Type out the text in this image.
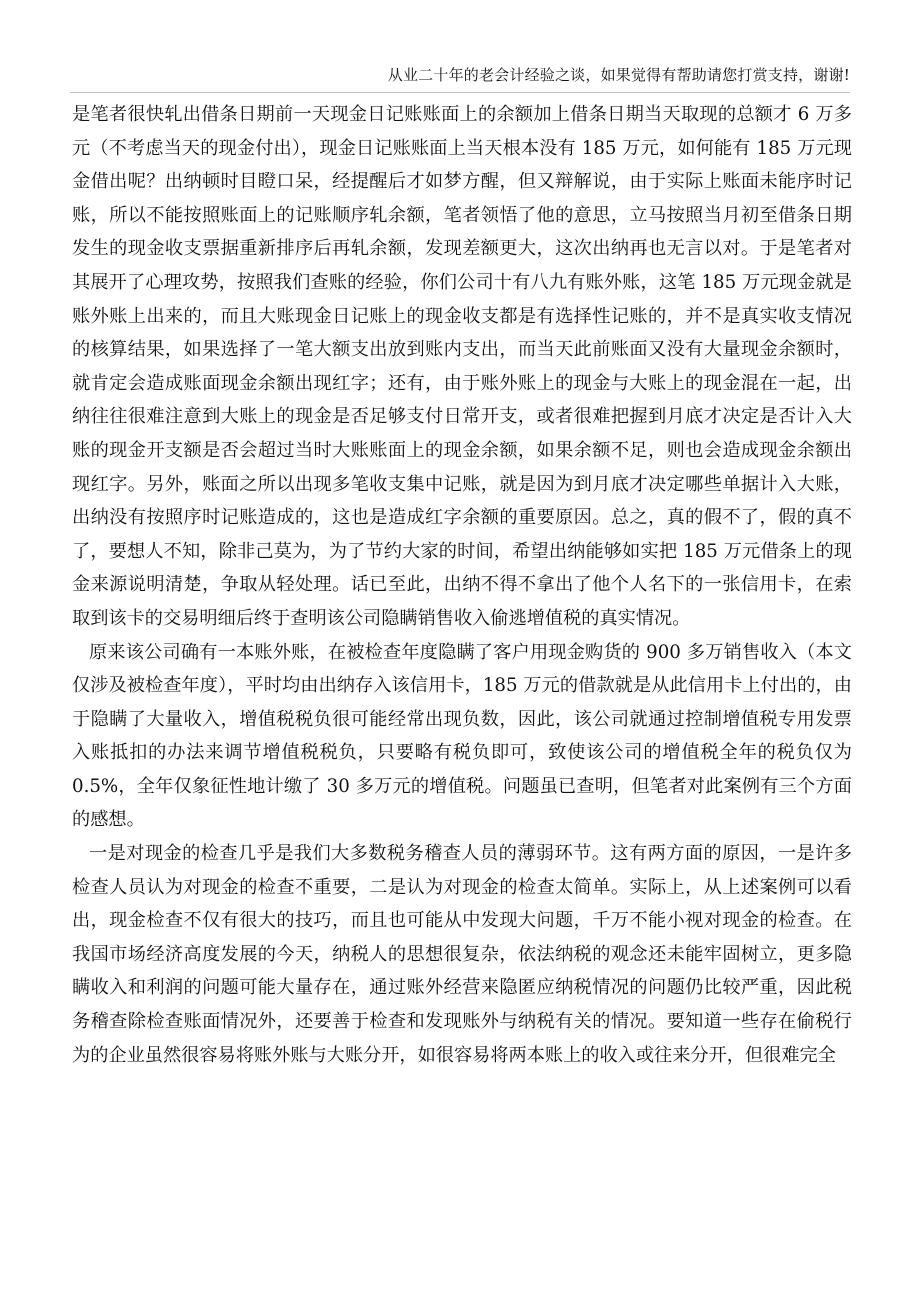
从业二十年的老会计经验之谈，如果觉得有帮助请您打赏支持，谢谢!

是笔者很快轧出借条日期前一天现金日记账账面上的余额加上借条日期当天取现的总额才 6 万多元（不考虑当天的现金付出），现金日记账账面上当天根本没有 185 万元，如何能有 185 万元现金借出呢？出纳顿时目瞪口呆，经提醒后才如梦方醒，但又辩解说，由于实际上账面未能序时记账，所以不能按照账面上的记账顺序轧余额，笔者领悟了他的意思，立马按照当月初至借条日期发生的现金收支票据重新排序后再轧余额，发现差额更大，这次出纳再也无言以对。于是笔者对其展开了心理攻势，按照我们查账的经验，你们公司十有八九有账外账，这笔 185 万元现金就是账外账上出来的，而且大账现金日记账上的现金收支都是有选择性记账的，并不是真实收支情况的核算结果，如果选择了一笔大额支出放到账内支出，而当天此前账面又没有大量现金余额时，就肯定会造成账面现金余额出现红字；还有，由于账外账上的现金与大账上的现金混在一起，出纳往往很难注意到大账上的现金是否足够支付日常开支，或者很难把握到月底才决定是否计入大账的现金开支额是否会超过当时大账账面上的现金余额，如果余额不足，则也会造成现金余额出现红字。另外，账面之所以出现多笔收支集中记账，就是因为到月底才决定哪些单据计入大账，出纳没有按照序时记账造成的，这也是造成红字余额的重要原因。总之，真的假不了，假的真不了，要想人不知，除非己莫为，为了节约大家的时间，希望出纳能够如实把 185 万元借条上的现金来源说明清楚，争取从轻处理。话已至此，出纳不得不拿出了他个人名下的一张信用卡，在索取到该卡的交易明细后终于查明该公司隐瞒销售收入偷逃增值税的真实情况。

原来该公司确有一本账外账，在被检查年度隐瞒了客户用现金购货的 900 多万销售收入（本文仅涉及被检查年度），平时均由出纳存入该信用卡，185 万元的借款就是从此信用卡上付出的，由于隐瞒了大量收入，增值税税负很可能经常出现负数，因此，该公司就通过控制增值税专用发票入账抵扣的办法来调节增值税税负，只要略有税负即可，致使该公司的增值税全年的税负仅为0.5%，全年仅象征性地计缴了 30 多万元的增值税。问题虽已查明，但笔者对此案例有三个方面的感想。

一是对现金的检查几乎是我们大多数税务稽查人员的薄弱环节。这有两方面的原因，一是许多检查人员认为对现金的检查不重要，二是认为对现金的检查太简单。实际上，从上述案例可以看出，现金检查不仅有很大的技巧，而且也可能从中发现大问题，千万不能小视对现金的检查。在我国市场经济高度发展的今天，纳税人的思想很复杂，依法纳税的观念还未能牢固树立，更多隐瞒收入和利润的问题可能大量存在，通过账外经营来隐匿应纳税情况的问题仍比较严重，因此税务稽查除检查账面情况外，还要善于检查和发现账外与纳税有关的情况。要知道一些存在偷税行为的企业虽然很容易将账外账与大账分开，如很容易将两本账上的收入或往来分开，但很难完全
